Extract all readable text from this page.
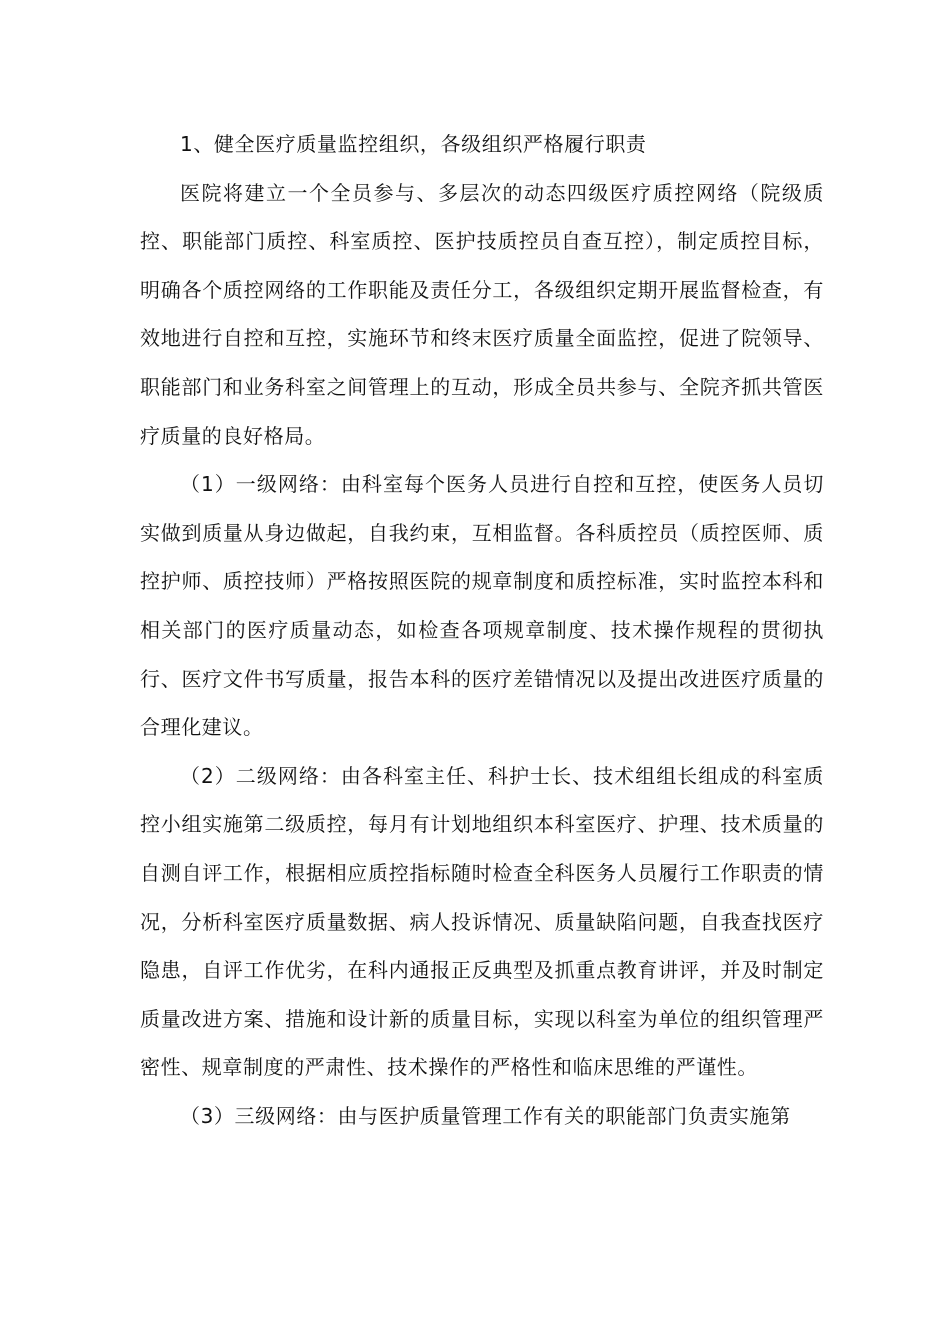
1、健全医疗质量监控组织，各级组织严格履行职责

医院将建立一个全员参与、多层次的动态四级医疗质控网络（院级质控、职能部门质控、科室质控、医护技质控员自查互控），制定质控目标，明确各个质控网络的工作职能及责任分工，各级组织定期开展监督检查，有效地进行自控和互控，实施环节和终末医疗质量全面监控，促进了院领导、职能部门和业务科室之间管理上的互动，形成全员共参与、全院齐抓共管医疗质量的良好格局。

（1）一级网络：由科室每个医务人员进行自控和互控，使医务人员切实做到质量从身边做起，自我约束，互相监督。各科质控员（质控医师、质控护师、质控技师）严格按照医院的规章制度和质控标准，实时监控本科和相关部门的医疗质量动态，如检查各项规章制度、技术操作规程的贯彻执行、医疗文件书写质量，报告本科的医疗差错情况以及提出改进医疗质量的合理化建议。

（2）二级网络：由各科室主任、科护士长、技术组组长组成的科室质控小组实施第二级质控，每月有计划地组织本科室医疗、护理、技术质量的自测自评工作，根据相应质控指标随时检查全科医务人员履行工作职责的情况，分析科室医疗质量数据、病人投诉情况、质量缺陷问题，自我查找医疗隐患，自评工作优劣，在科内通报正反典型及抓重点教育讲评，并及时制定质量改进方案、措施和设计新的质量目标，实现以科室为单位的组织管理严密性、规章制度的严肃性、技术操作的严格性和临床思维的严谨性。

（3）三级网络：由与医护质量管理工作有关的职能部门负责实施第
